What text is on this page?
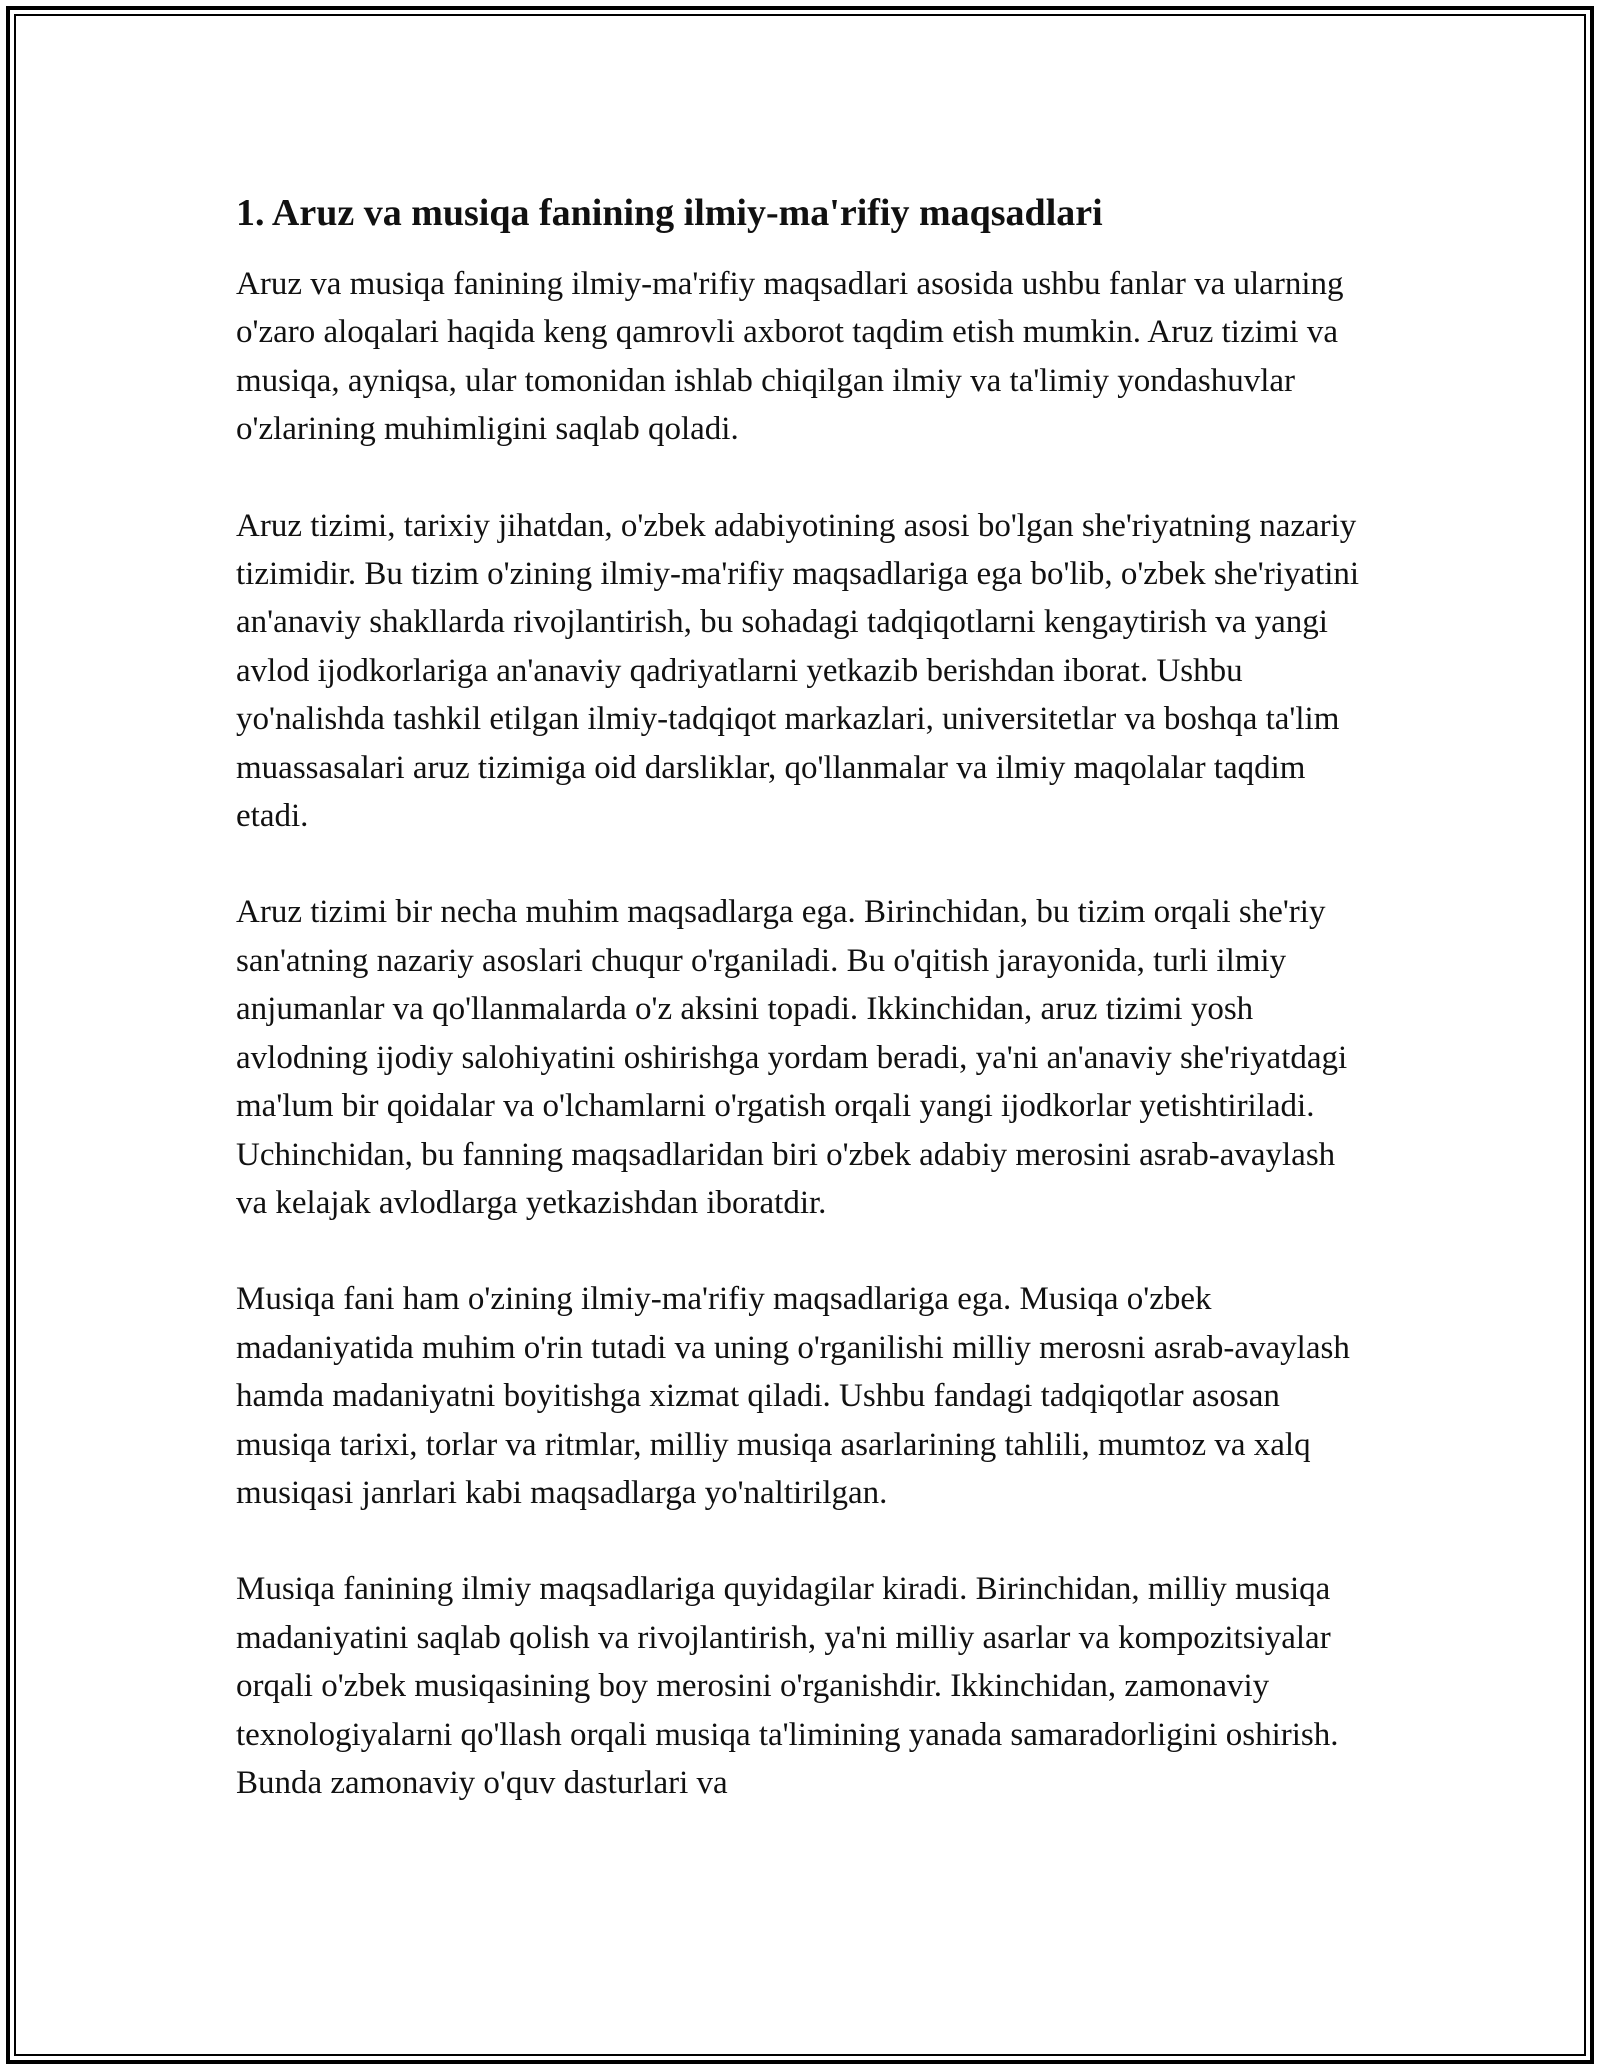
1. Aruz va musiqa fanining ilmiy-ma'rifiy maqsadlari

Aruz va musiqa fanining ilmiy-ma'rifiy maqsadlari asosida ushbu fanlar va ularning o'zaro aloqalari haqida keng qamrovli axborot taqdim etish mumkin. Aruz tizimi va musiqa, ayniqsa, ular tomonidan ishlab chiqilgan ilmiy va ta'limiy yondashuvlar o'zlarining muhimligini saqlab qoladi.

Aruz tizimi, tarixiy jihatdan, o'zbek adabiyotining asosi bo'lgan she'riyatning nazariy tizimidir. Bu tizim o'zining ilmiy-ma'rifiy maqsadlariga ega bo'lib, o'zbek she'riyatini an'anaviy shakllarda rivojlantirish, bu sohadagi tadqiqotlarni kengaytirish va yangi avlod ijodkorlariga an'anaviy qadriyatlarni yetkazib berishdan iborat. Ushbu yo'nalishda tashkil etilgan ilmiy-tadqiqot markazlari, universitetlar va boshqa ta'lim muassasalari aruz tizimiga oid darsliklar, qo'llanmalar va ilmiy maqolalar taqdim etadi.

Aruz tizimi bir necha muhim maqsadlarga ega. Birinchidan, bu tizim orqali she'riy san'atning nazariy asoslari chuqur o'rganiladi. Bu o'qitish jarayonida, turli ilmiy anjumanlar va qo'llanmalarda o'z aksini topadi. Ikkinchidan, aruz tizimi yosh avlodning ijodiy salohiyatini oshirishga yordam beradi, ya'ni an'anaviy she'riyatdagi ma'lum bir qoidalar va o'lchamlarni o'rgatish orqali yangi ijodkorlar yetishtiriladi. Uchinchidan, bu fanning maqsadlaridan biri o'zbek adabiy merosini asrab-avaylash va kelajak avlodlarga yetkazishdan iboratdir.

Musiqa fani ham o'zining ilmiy-ma'rifiy maqsadlariga ega. Musiqa o'zbek madaniyatida muhim o'rin tutadi va uning o'rganilishi milliy merosni asrab-avaylash hamda madaniyatni boyitishga xizmat qiladi. Ushbu fandagi tadqiqotlar asosan musiqa tarixi, torlar va ritmlar, milliy musiqa asarlarining tahlili, mumtoz va xalq musiqasi janrlari kabi maqsadlarga yo'naltirilgan.

Musiqa fanining ilmiy maqsadlariga quyidagilar kiradi. Birinchidan, milliy musiqa madaniyatini saqlab qolish va rivojlantirish, ya'ni milliy asarlar va kompozitsiyalar orqali o'zbek musiqasining boy merosini o'rganishdir. Ikkinchidan, zamonaviy texnologiyalarni qo'llash orqali musiqa ta'limining yanada samaradorligini oshirish. Bunda zamonaviy o'quv dasturlari va
